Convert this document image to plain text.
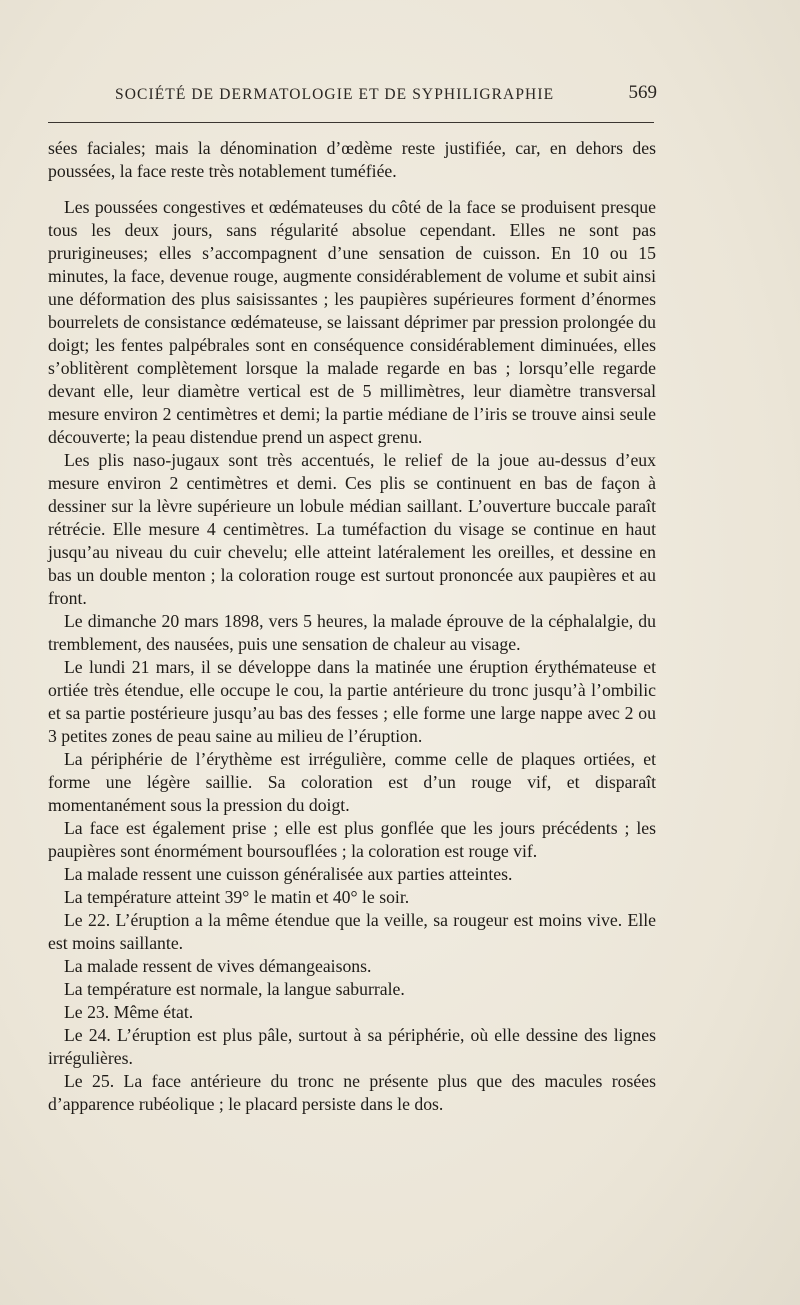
SOCIÉTÉ DE DERMATOLOGIE ET DE SYPHILIGRAPHIE	569

sées faciales; mais la dénomination d’œdème reste justifiée, car, en dehors des poussées, la face reste très notablement tuméfiée.

Les poussées congestives et œdémateuses du côté de la face se produisent presque tous les deux jours, sans régularité absolue cependant. Elles ne sont pas prurigineuses; elles s’accompagnent d’une sensation de cuisson. En 10 ou 15 minutes, la face, devenue rouge, augmente considérablement de volume et subit ainsi une déformation des plus saisissantes ; les paupières supérieures forment d’énormes bourrelets de consistance œdémateuse, se laissant déprimer par pression prolongée du doigt; les fentes palpébrales sont en conséquence considérablement diminuées, elles s’oblitèrent complètement lorsque la malade regarde en bas ; lorsqu’elle regarde devant elle, leur diamètre vertical est de 5 millimètres, leur diamètre transversal mesure environ 2 centimètres et demi; la partie médiane de l’iris se trouve ainsi seule découverte; la peau distendue prend un aspect grenu.

Les plis naso-jugaux sont très accentués, le relief de la joue au-dessus d’eux mesure environ 2 centimètres et demi. Ces plis se continuent en bas de façon à dessiner sur la lèvre supérieure un lobule médian saillant. L’ouverture buccale paraît rétrécie. Elle mesure 4 centimètres. La tuméfaction du visage se continue en haut jusqu’au niveau du cuir chevelu; elle atteint latéralement les oreilles, et dessine en bas un double menton ; la coloration rouge est surtout prononcée aux paupières et au front.

Le dimanche 20 mars 1898, vers 5 heures, la malade éprouve de la céphalalgie, du tremblement, des nausées, puis une sensation de chaleur au visage.

Le lundi 21 mars, il se développe dans la matinée une éruption érythémateuse et ortiée très étendue, elle occupe le cou, la partie antérieure du tronc jusqu’à l’ombilic et sa partie postérieure jusqu’au bas des fesses ; elle forme une large nappe avec 2 ou 3 petites zones de peau saine au milieu de l’éruption.

La périphérie de l’érythème est irrégulière, comme celle de plaques ortiées, et forme une légère saillie. Sa coloration est d’un rouge vif, et disparaît momentanément sous la pression du doigt.

La face est également prise ; elle est plus gonflée que les jours précédents ; les paupières sont énormément boursouflées ; la coloration est rouge vif.

La malade ressent une cuisson généralisée aux parties atteintes.

La température atteint 39° le matin et 40° le soir.

Le 22. L’éruption a la même étendue que la veille, sa rougeur est moins vive. Elle est moins saillante.

La malade ressent de vives démangeaisons.

La température est normale, la langue saburrale.

Le 23. Même état.

Le 24. L’éruption est plus pâle, surtout à sa périphérie, où elle dessine des lignes irrégulières.

Le 25. La face antérieure du tronc ne présente plus que des macules rosées d’apparence rubéolique ; le placard persiste dans le dos.
